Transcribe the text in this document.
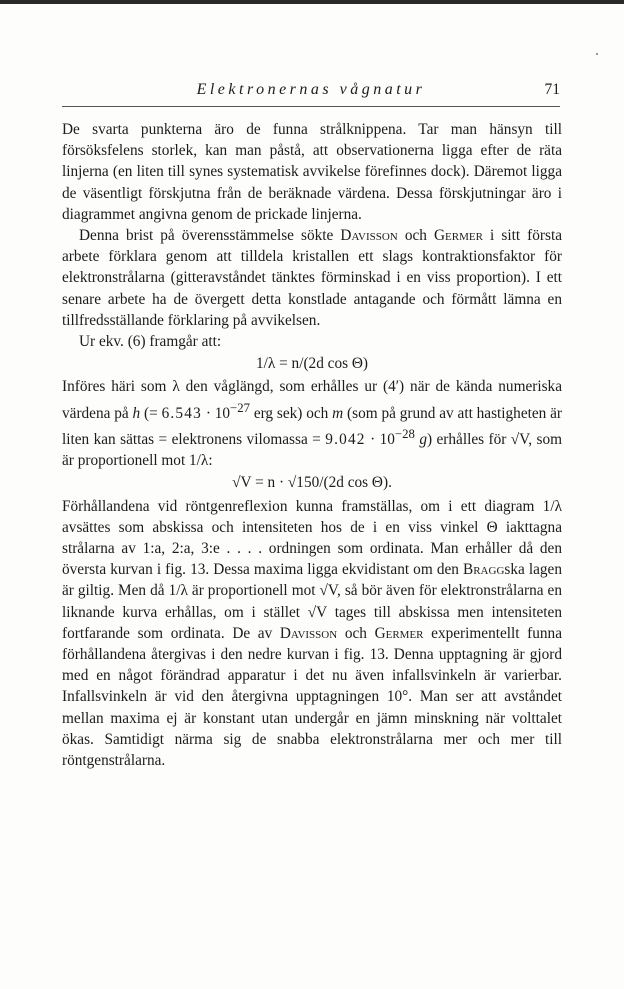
Elektronernas vågnatur	71

De svarta punkterna äro de funna strålknippena. Tar man hänsyn till försöksfelens storlek, kan man påstå, att observationerna ligga efter de räta linjerna (en liten till synes systematisk avvikelse förefinnes dock). Däremot ligga de väsentligt förskjutna från de beräknade värdena. Dessa förskjutningar äro i diagrammet angivna genom de prickade linjerna.

Denna brist på överensstämmelse sökte Davisson och Germer i sitt första arbete förklara genom att tilldela kristallen ett slags kontraktionsfaktor för elektronstrålarna (gitteravståndet tänktes förminskad i en viss proportion). I ett senare arbete ha de övergett detta konstlade antagande och förmått lämna en tillfredsställande förklaring på avvikelsen.

Ur ekv. (6) framgår att:

1/λ = n/(2d cos Θ)

Införes häri som λ den våglängd, som erhålles ur (4′) när de kända numeriska värdena på h (= $6.543 \cdot 10^{-27}$ erg sek) och m (som på grund av att hastigheten är liten kan sättas = elektronens vilomassa = $9.042 \cdot 10^{-28}$ g) erhålles för √V, som är proportionell mot 1/λ:

√V = n · √150/(2d cos Θ).

Förhållandena vid röntgenreflexion kunna framställas, om i ett diagram 1/λ avsättes som abskissa och intensiteten hos de i en viss vinkel Θ iakttagna strålarna av 1:a, 2:a, 3:e . . . . ordningen som ordinata. Man erhåller då den översta kurvan i fig. 13. Dessa maxima ligga ekvidistant om den Braggska lagen är giltig. Men då 1/λ är proportionell mot √V, så bör även för elektronstrålarna en liknande kurva erhållas, om i stället √V tages till abskissa men intensiteten fortfarande som ordinata. De av Davisson och Germer experimentellt funna förhållandena återgivas i den nedre kurvan i fig. 13. Denna upptagning är gjord med en något förändrad apparatur i det nu även infallsvinkeln är varierbar. Infallsvinkeln är vid den återgivna upptagningen 10°. Man ser att avståndet mellan maxima ej är konstant utan undergår en jämn minskning när volttalet ökas. Samtidigt närma sig de snabba elektronstrålarna mer och mer till röntgenstrålarna.
